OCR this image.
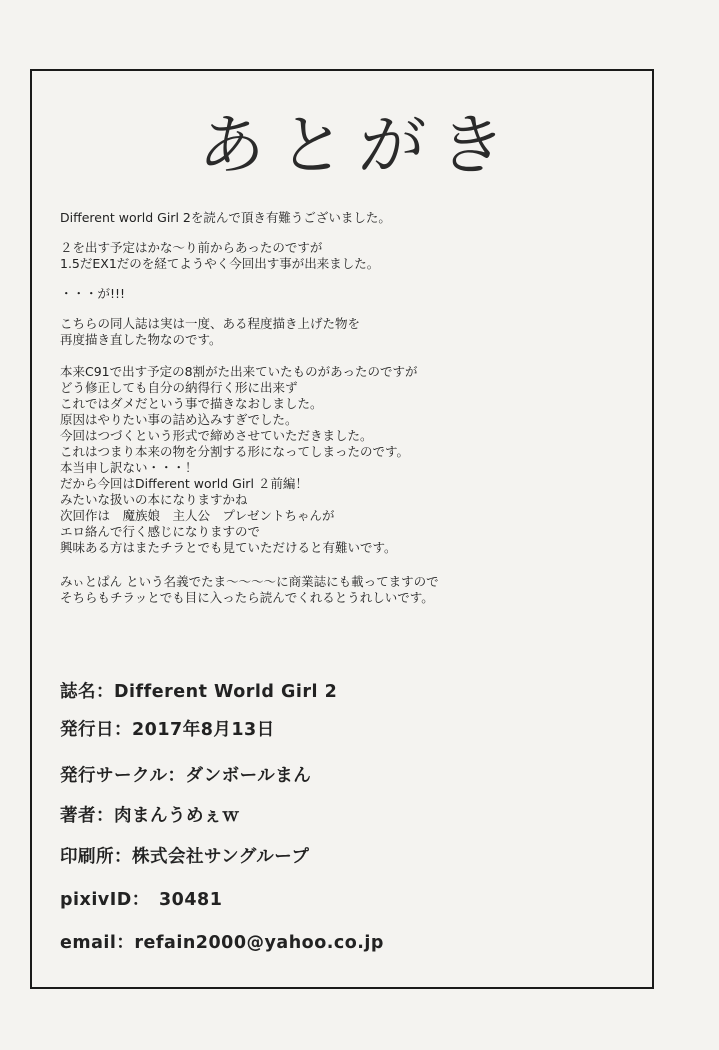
あとがき
Different world Girl 2を読んで頂き有難うございました。
２を出す予定はかな～り前からあったのですが
1.5だEX1だのを経てようやく今回出す事が出来ました。
・・・が!!!
こちらの同人誌は実は一度、ある程度描き上げた物を
再度描き直した物なのです。
本来C91で出す予定の8割がた出来ていたものがあったのですが
どう修正しても自分の納得行く形に出来ず
これではダメだという事で描きなおしました。
原因はやりたい事の詰め込みすぎでした。
今回はつづくという形式で締めさせていただきました。
これはつまり本来の物を分割する形になってしまったのです。
本当申し訳ない・・・！
だから今回はDifferent world Girl ２前編！
みたいな扱いの本になりますかね
次回作は　魔族娘　主人公　プレゼントちゃんが
エロ絡んで行く感じになりますので
興味ある方はまたチラとでも見ていただけると有難いです。
みぃとぱん という名義でたま～～～～に商業誌にも載ってますので
そちらもチラッとでも目に入ったら読んでくれるとうれしいです。
誌名：Different World Girl 2
発行日：2017年8月13日
発行サークル：ダンボールまん
著者：肉まんうめぇｗ
印刷所：株式会社サングループ
pixivID：　30481
email：refain2000@yahoo.co.jp
